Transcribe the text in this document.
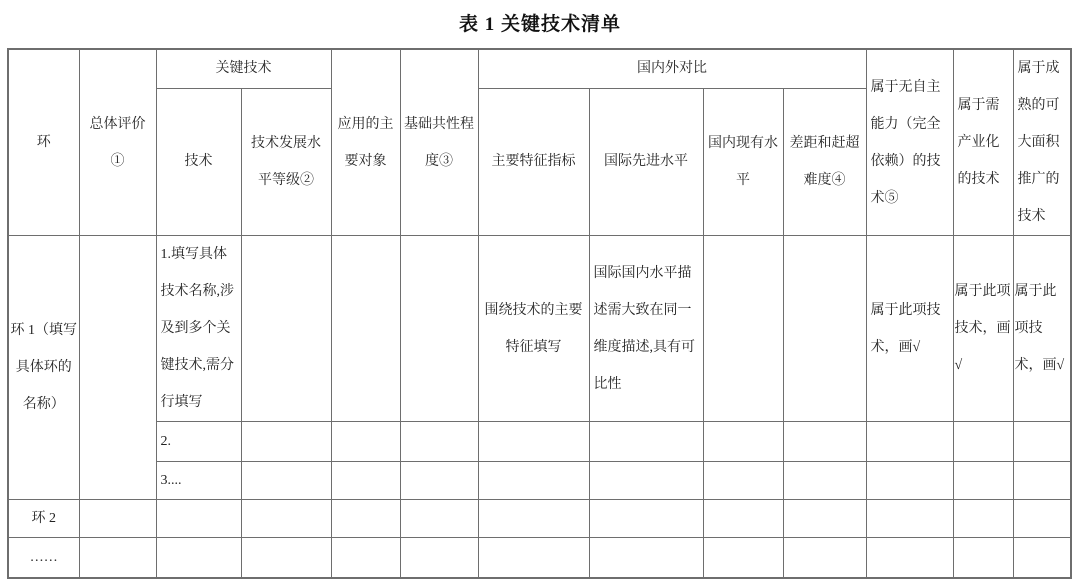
表 1 关键技术清单
环	总体评价①	关键技术		应用的主要对象	基础共性程度③	国内外对比				属于无自主能力（完全依赖）的技术⑤	属于需产业化的技术	属于成熟的可大面积推广的技术
		技术	技术发展水平等级②			主要特征指标	国际先进水平	国内现有水平	差距和赶超难度④			
环 1（填写具体环的名称）		1.填写具体技术名称,涉及到多个关键技术,需分行填写				围绕技术的主要特征填写	国际国内水平描述需大致在同一维度描述,具有可比性			属于此项技术，画√	属于此项技术，画√	属于此项技术，画√
		2.										
		3....										
环 2												
……												
